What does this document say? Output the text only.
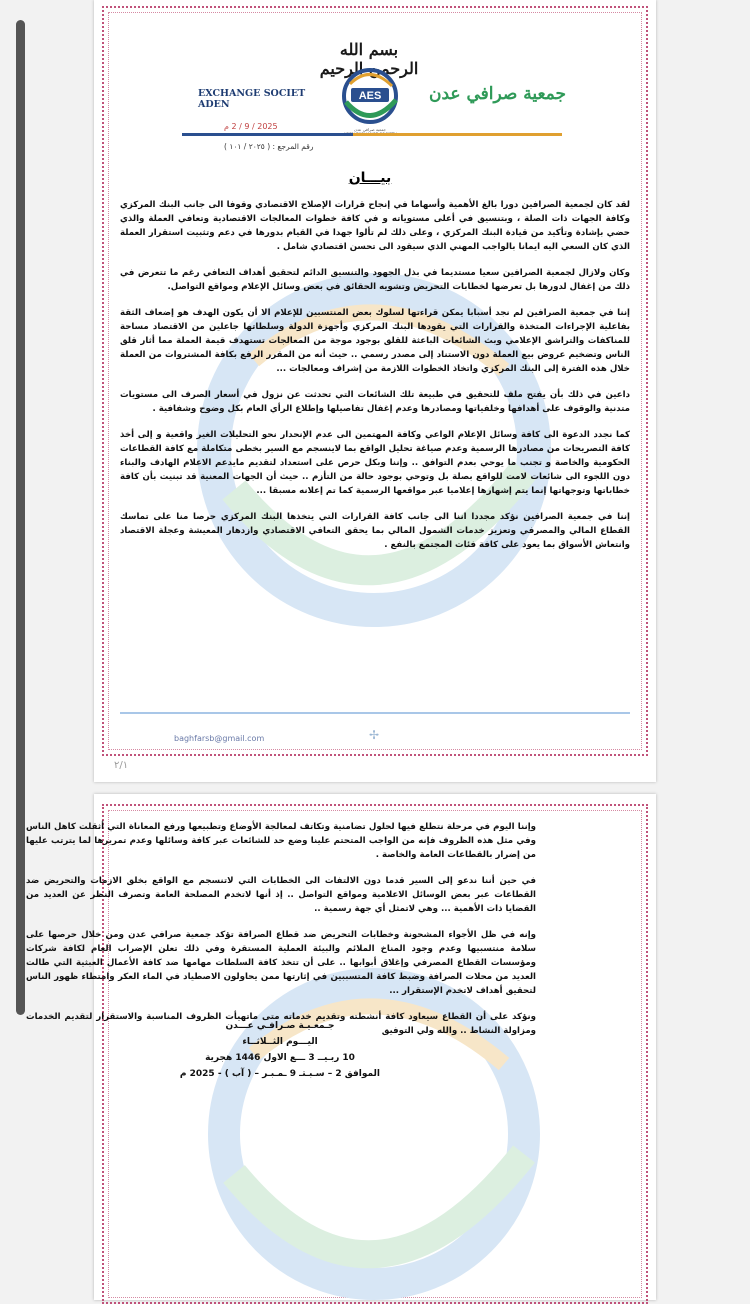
بسم الله الرحمن الرحيم
AES
جمعية صرافي عدن
EXCHANGE SOCIET ADEN
جمعية صرافي عدن
2025 / 9 / 2 م
رقم المرجع : ( ٢٠٢٥ / ١٠١ )
بيـــان

لقد كان لجمعية الصرافين دورا بالغ الأهمية وأسهاما في إنجاح قرارات الإصلاح الاقتصادي وقوفا الى جانب البنك المركزي وكافة الجهات ذات الصلة ، وبتنسيق في أعلى مستوياته و في كافة خطوات المعالجات الاقتصادية وتعافي العملة والذي حضي بإشادة وتأكيد من قيادة البنك المركزي ، وعلى ذلك لم تألوا جهدا في القيام بدورها في دعم وتثبيت استقرار العملة الذي كان السعي اليه ايمانا بالواجب المهني الذي سيقود الى تحسن اقتصادي شامل .

وكان ولازال لجمعية الصرافين سعيا مستديما في بذل الجهود والتنسيق الدائم لتحقيق أهداف التعافي رغم ما تتعرض في ذلك من إغفال لدورها بل تعرضها لخطابات التحريض وتشويه الحقائق في بعض وسائل الإعلام ومواقع التواصل.

إننا في جمعية الصرافين لم نجد أسبابا يمكن قراءتها لسلوك بعض المنتسبين للإعلام الا أن يكون الهدف هو إضعاف الثقة بفاعلية الإجراءات المتخذة والقرارات التي يقودها البنك المركزي وأجهزة الدولة وسلطاتها جاعلين من الاقتصاد مساحة للمناكفات والتراشق الإعلامي وبث الشائعات الباعثة للقلق بوجود موجة من المعالجات تستهدف قيمة العملة مما أثار قلق الناس وتضخيم عروض بيع العملة دون الاستناد إلى مصدر رسمي .. حيث أنه من المقرر الرفع بكافة المشتروات من العملة خلال هذه الفترة إلى البنك المركزي واتخاذ الخطوات اللازمة من إشراف ومعالجات ...

داعين في ذلك بأن يفتح ملف للتحقيق في طبيعة تلك الشائعات التي تحدثت عن نزول في أسعار الصرف الى مستويات متدنية والوقوف على أهدافها وخلفياتها ومصادرها وعدم إغفال تفاصيلها وإطلاع الرأي العام بكل وضوح وشفافية .

كما نجدد الدعوة الى كافة وسائل الإعلام الواعي وكافة المهتمين الى عدم الإنحدار نحو التحليلات الغير واقعية و إلى أخذ كافة التصريحات من مصادرها الرسمية وعدم صياغة تحليل الواقع بما لاينسجم مع السير بخطى متكاملة مع كافة القطاعات الحكومية والخاصة و تجنب ما يوحي بعدم التوافق .. وإننا وبكل حرص على استعداد لتقديم مايدعم الاعلام الهادف والبناء دون اللجوء الى شائعات لامت للواقع بصلة بل وتوحي بوجود حالة من التأزم .. حيث أن الجهات المعنية قد تبنيت بأن كافة خطاباتها وتوجهاتها إنما يتم إشهارها إعلاميا عبر مواقعها الرسمية كما تم إعلانه مسبقا ...

إننا في جمعية الصرافين نؤكد مجددا اننا الى جانب كافة القرارات التي يتخذها البنك المركزي حرصا منا على تماسك القطاع المالي والمصرفي وتعزيز خدمات الشمول المالي بما يحقق التعافي الاقتصادي وازدهار المعيشة وعجلة الاقتصاد وانتعاش الأسواق بما يعود على كافة فئات المجتمع بالنفع .

baghfarsb@gmail.com	✢
٢/١

وإننا اليوم في مرحلة نتطلع فيها لحلول تضامنية وتكاتف لمعالجة الأوضاع وتطبيعها ورفع المعاناة التي أثقلت كاهل الناس وفي مثل هذه الظروف فإنه من الواجب المتحتم علينا وضع حد للشائعات عبر كافة وسائلها وعدم تمريرها لما يترتب عليها من إضرار بالقطاعات العامة والخاصة .

في حين أننا ندعو إلى السير قدما دون الالتفات الى الخطابات التي لاتنسجم مع الواقع بخلق الازمات والتحريض ضد القطاعات عبر بعض الوسائل الاعلامية ومواقع التواصل .. إذ أنها لاتخدم المصلحة العامة وتصرف النظر عن العديد من القضايا ذات الأهمية ... وهي لاتمثل أي جهة رسمية ..

وإنه في ظل الأجواء المشحونة وخطابات التحريض ضد قطاع الصرافة تؤكد جمعية صرافي عدن ومن خلال حرصها على سلامة منتسبيها وعدم وجود المناخ الملائم والبيئة العملية المستقرة وفي ذلك تعلن الإضراب العام لكافة شركات ومؤسسات القطاع المصرفي وإغلاق أبوابها .. على أن تتخذ كافة السلطات مهامها ضد كافة الأعمال العبثية التي طالت العديد من محلات الصرافة وضبط كافة المتسببين في إثارتها ممن يحاولون الاصطياد في الماء العكر وامتطاء ظهور الناس لتحقيق أهداف لاتخدم الإستقرار ...

ونؤكد على أن القطاع سيعاود كافة أنشطته وتقديم خدماته متى ماتهيأت الظروف المناسبة والاستقرار لتقديم الخدمات ومزاولة النشاط .. والله ولي التوفيق

جـمعـيـة صـرافـي عـــدن
اليـــوم الثــلاثــاء
10 ربـيــ 3 ـــع الاول 1446 هجرية
الموافق 2 – سـبـتـ 9 ـمـبـر – ( آب ) - 2025 م
